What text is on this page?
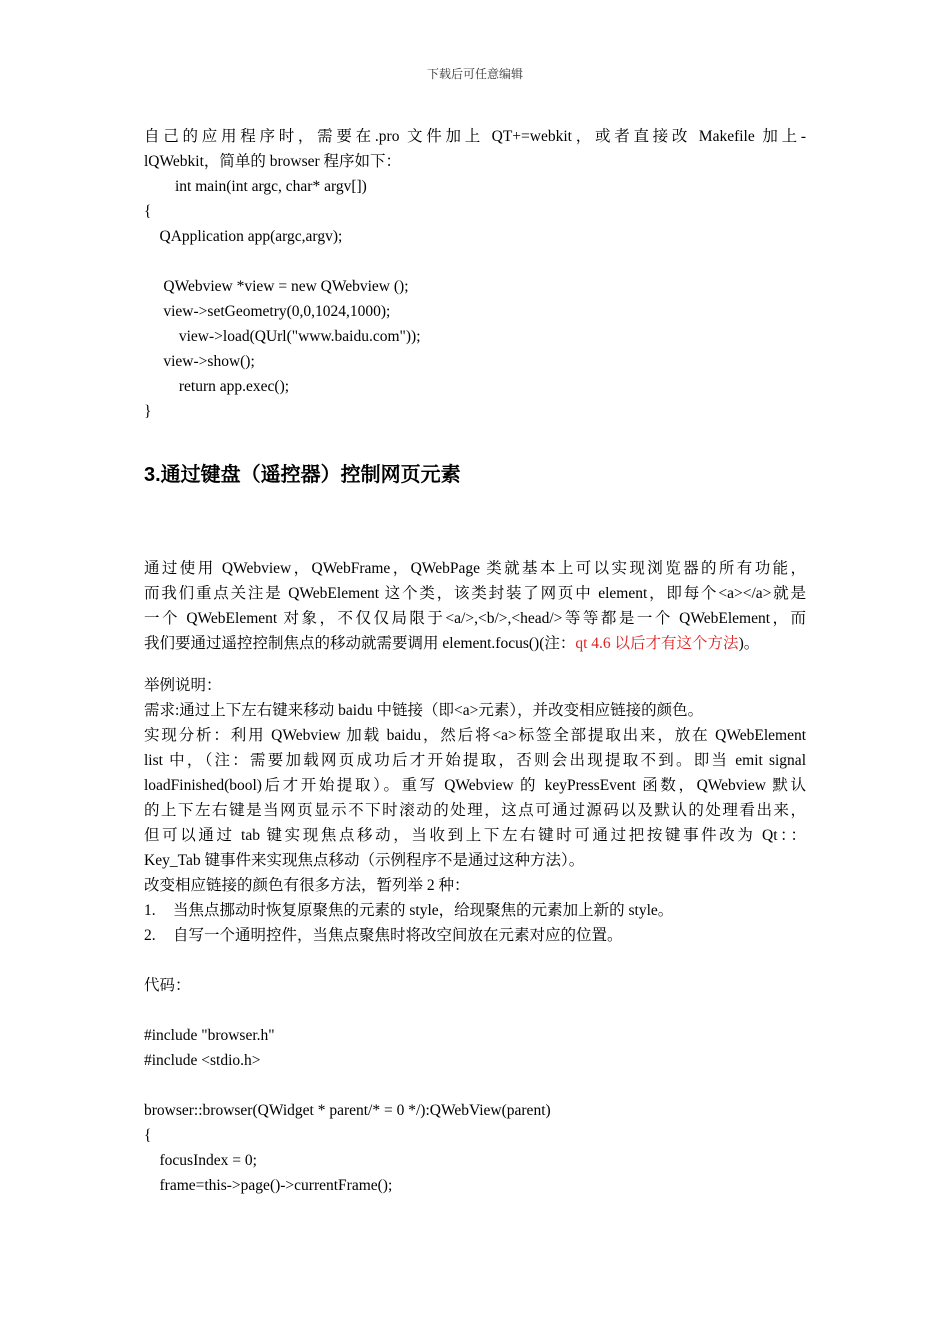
下载后可任意编辑
自己的应用程序时，需要在.pro 文件加上 QT+=webkit，或者直接改 Makefile 加上-
lQWebkit，简单的 browser 程序如下：
int main(int argc, char* argv[])
{
QApplication app(argc,argv);
QWebview *view = new QWebview ();
view->setGeometry(0,0,1024,1000);
view->load(QUrl("www.baidu.com"));
view->show();
return app.exec();
}
3.通过键盘（遥控器）控制网页元素
通过使用 QWebview，QWebFrame，QWebPage 类就基本上可以实现浏览器的所有功能，
而我们重点关注是 QWebElement 这个类，该类封装了网页中 element，即每个<a></a>就是
一个 QWebElement 对象，不仅仅局限于<a/>,<b/>,<head/>等等都是一个 QWebElement，而
我们要通过遥控控制焦点的移动就需要调用 element.focus()(注：qt 4.6 以后才有这个方法)。
举例说明：
需求:通过上下左右键来移动 baidu 中链接（即<a>元素），并改变相应链接的颜色。
实现分析：利用 QWebview 加载 baidu，然后将<a>标签全部提取出来，放在 QWebElement
list 中，（注：需要加载网页成功后才开始提取，否则会出现提取不到。即当 emit signal
loadFinished(bool)后才开始提取）。重写 QWebview 的 keyPressEvent 函数，QWebview 默认
的上下左右键是当网页显示不下时滚动的处理，这点可通过源码以及默认的处理看出来，
但可以通过 tab 键实现焦点移动，当收到上下左右键时可通过把按键事件改为 Qt：：
Key_Tab 键事件来实现焦点移动（示例程序不是通过这种方法）。
改变相应链接的颜色有很多方法，暂列举 2 种：
1. 当焦点挪动时恢复原聚焦的元素的 style，给现聚焦的元素加上新的 style。
2. 自写一个通明控件，当焦点聚焦时将改空间放在元素对应的位置。
代码：
#include "browser.h"
#include <stdio.h>
browser::browser(QWidget * parent/* = 0 */):QWebView(parent)
{
focusIndex = 0;
frame=this->page()->currentFrame();
